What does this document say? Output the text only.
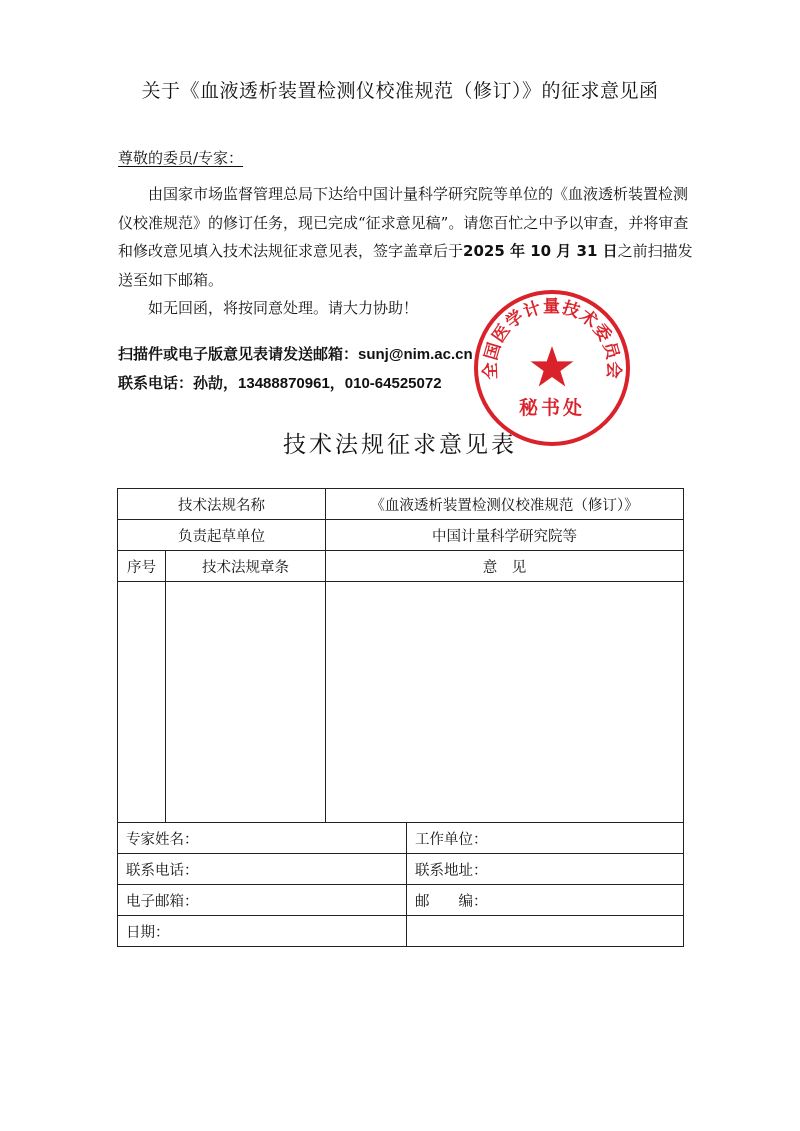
关于《血液透析装置检测仪校准规范（修订）》的征求意见函
尊敬的委员/专家：

由国家市场监督管理总局下达给中国计量科学研究院等单位的《血液透析装置检测仪校准规范》的修订任务，现已完成“征求意见稿”。请您百忙之中予以审查，并将审查和修改意见填入技术法规征求意见表，签字盖章后于2025 年 10 月 31 日之前扫描发送至如下邮箱。

如无回函，将按同意处理。请大力协助！

扫描件或电子版意见表请发送邮箱：sunj@nim.ac.cn
联系电话：孙劼，13488870961，010-64525072
全国医学计量技术委员会
秘书处
技术法规征求意见表
技术法规名称		《血液透析装置检测仪校准规范（修订）》	
负责起草单位		中国计量科学研究院等	
序号	技术法规章条	意　见	

专家姓名：			工作单位：
联系电话：			联系地址：
电子邮箱：			邮　　编：
日期：			
